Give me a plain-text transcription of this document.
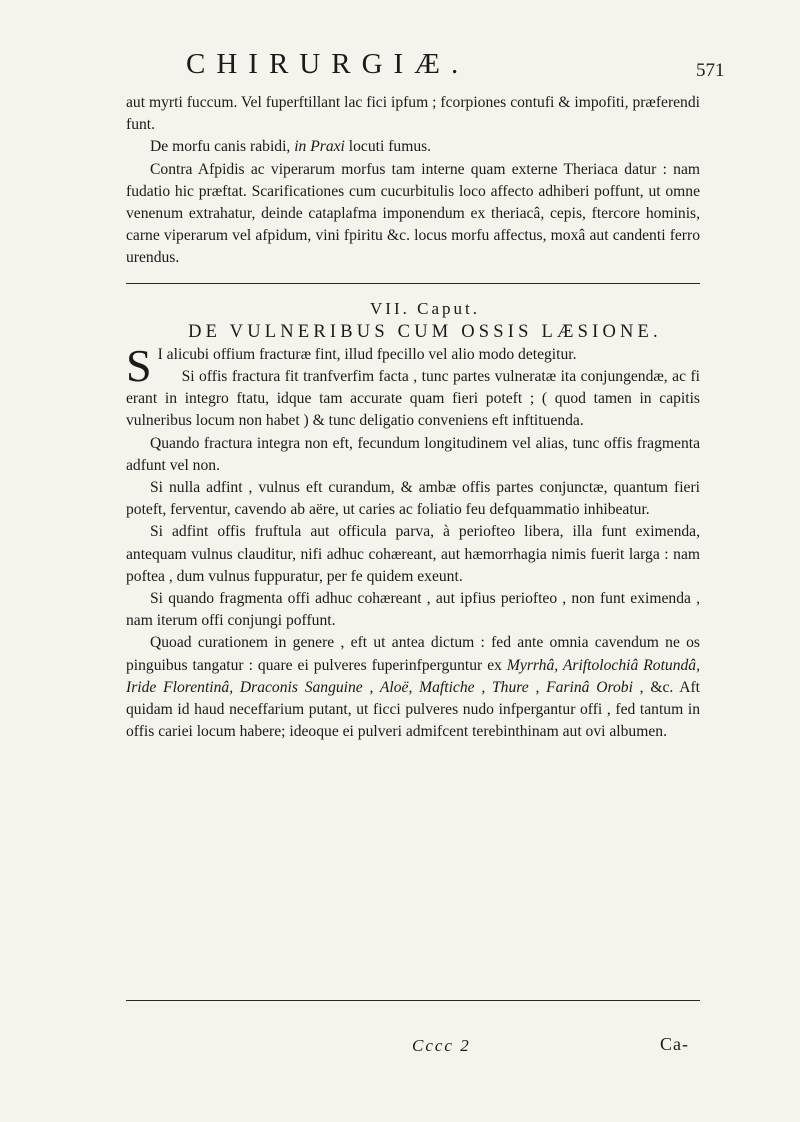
CHIRURGIÆ.	571

aut myrti fuccum. Vel fuperftillant lac fici ipfum ; fcorpiones contufi & impofiti, præferendi funt.

De morfu canis rabidi, in Praxi locuti fumus.

Contra Afpidis ac viperarum morfus tam interne quam externe Theriaca datur : nam fudatio hic præftat. Scarificationes cum cucurbitulis loco affecto adhiberi poffunt, ut omne venenum extrahatur, deinde cataplafma imponendum ex theriacâ, cepis, ftercore hominis, carne viperarum vel afpidum, vini fpiritu &c. locus morfu affectus, moxâ aut candenti ferro urendus.

VII. Caput.

DE VULNERIBUS CUM OSSIS LÆSIONE.

S I alicubi offium fracturæ fint, illud fpecillo vel alio modo detegitur.

Si offis fractura fit tranfverfim facta , tunc partes vulneratæ ita conjungendæ, ac fi erant in integro ftatu, idque tam accurate quam fieri poteft ; ( quod tamen in capitis vulneribus locum non habet ) & tunc deligatio conveniens eft inftituenda.

Quando fractura integra non eft, fecundum longitudinem vel alias, tunc offis fragmenta adfunt vel non.

Si nulla adfint , vulnus eft curandum, & ambæ offis partes conjunctæ, quantum fieri poteft, ferventur, cavendo ab aëre, ut caries ac foliatio feu defquammatio inhibeatur.

Si adfint offis fruftula aut officula parva, à periofteo libera, illa funt eximenda, antequam vulnus clauditur, nifi adhuc cohæreant, aut hæmorrhagia nimis fuerit larga : nam poftea , dum vulnus fuppuratur, per fe quidem exeunt.

Si quando fragmenta offi adhuc cohæreant , aut ipfius periofteo , non funt eximenda , nam iterum offi conjungi poffunt.

Quoad curationem in genere , eft ut antea dictum : fed ante omnia cavendum ne os pinguibus tangatur : quare ei pulveres fuperinfperguntur ex Myrrhâ, Ariftolochiâ Rotundâ, Iride Florentinâ, Draconis Sanguine , Aloë, Maftiche , Thure , Farinâ Orobi , &c. Aft quidam id haud neceffarium putant, ut ficci pulveres nudo infpergantur offi , fed tantum in offis cariei locum habere; ideoque ei pulveri admifcent terebinthinam aut ovi albumen.

Cccc 2	Ca-
